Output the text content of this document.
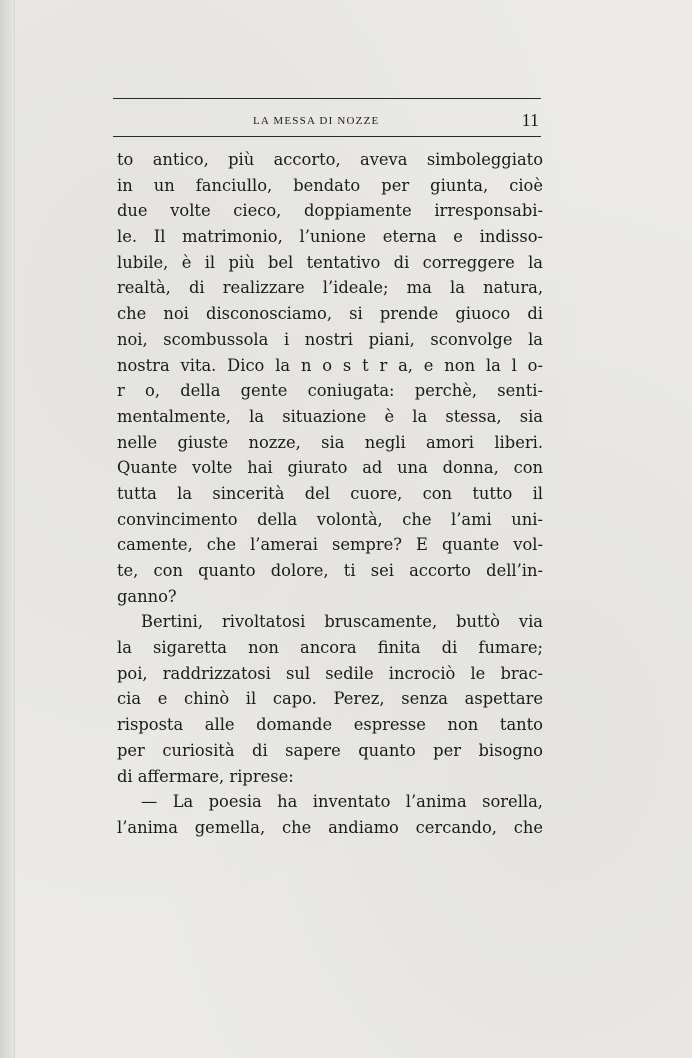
LA MESSA DI NOZZE	11
to antico, più accorto, aveva simboleggiato
in un fanciullo, bendato per giunta, cioè
due volte cieco, doppiamente irresponsabi-
le. Il matrimonio, l’unione eterna e indisso-
lubile, è il più bel tentativo di correggere la
realtà, di realizzare l’ideale; ma la natura,
che noi disconosciamo, si prende giuoco di
noi, scombussola i nostri piani, sconvolge la
nostra vita. Dico la n o s t r a, e non la l o-
r o, della gente coniugata: perchè, senti-
mentalmente, la situazione è la stessa, sia
nelle giuste nozze, sia negli amori liberi.
Quante volte hai giurato ad una donna, con
tutta la sincerità del cuore, con tutto il
convincimento della volontà, che l’ami uni-
camente, che l’amerai sempre? E quante vol-
te, con quanto dolore, ti sei accorto dell’in-
ganno?
Bertini, rivoltatosi bruscamente, buttò via
la sigaretta non ancora finita di fumare;
poi, raddrizzatosi sul sedile incrociò le brac-
cia e chinò il capo. Perez, senza aspettare
risposta alle domande espresse non tanto
per curiosità di sapere quanto per bisogno
di affermare, riprese:
— La poesia ha inventato l’anima sorella,
l’anima gemella, che andiamo cercando, che
